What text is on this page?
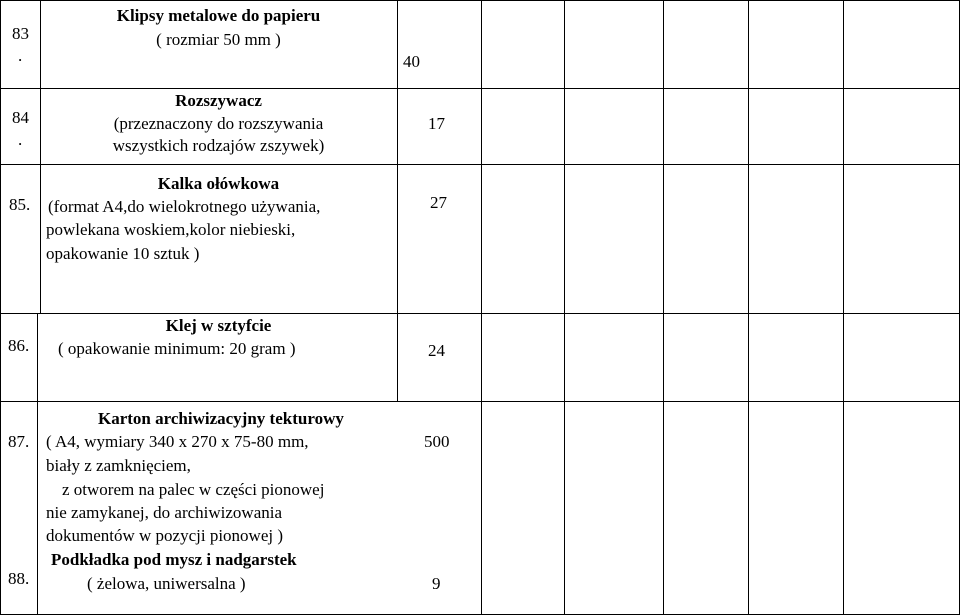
83
.
Klipsy metalowe do papieru
( rozmiar 50 mm )
40
84
.
Rozszywacz
(przeznaczony do rozszywania
wszystkich rodzajów zszywek)
17
85.
Kalka ołówkowa
(format A4,do wielokrotnego używania,
powlekana woskiem,kolor niebieski,
opakowanie 10 sztuk )
27
86.
Klej w sztyfcie
( opakowanie minimum: 20 gram )	24
87.
Karton archiwizacyjny tekturowy
( A4, wymiary 340 x 270 x 75-80 mm,
biały z zamknięciem,
z otworem na palec w części pionowej
nie zamykanej, do archiwizowania
dokumentów w pozycji pionowej )
500
88.
Podkładka pod mysz i nadgarstek
( żelowa, uniwersalna )	9
